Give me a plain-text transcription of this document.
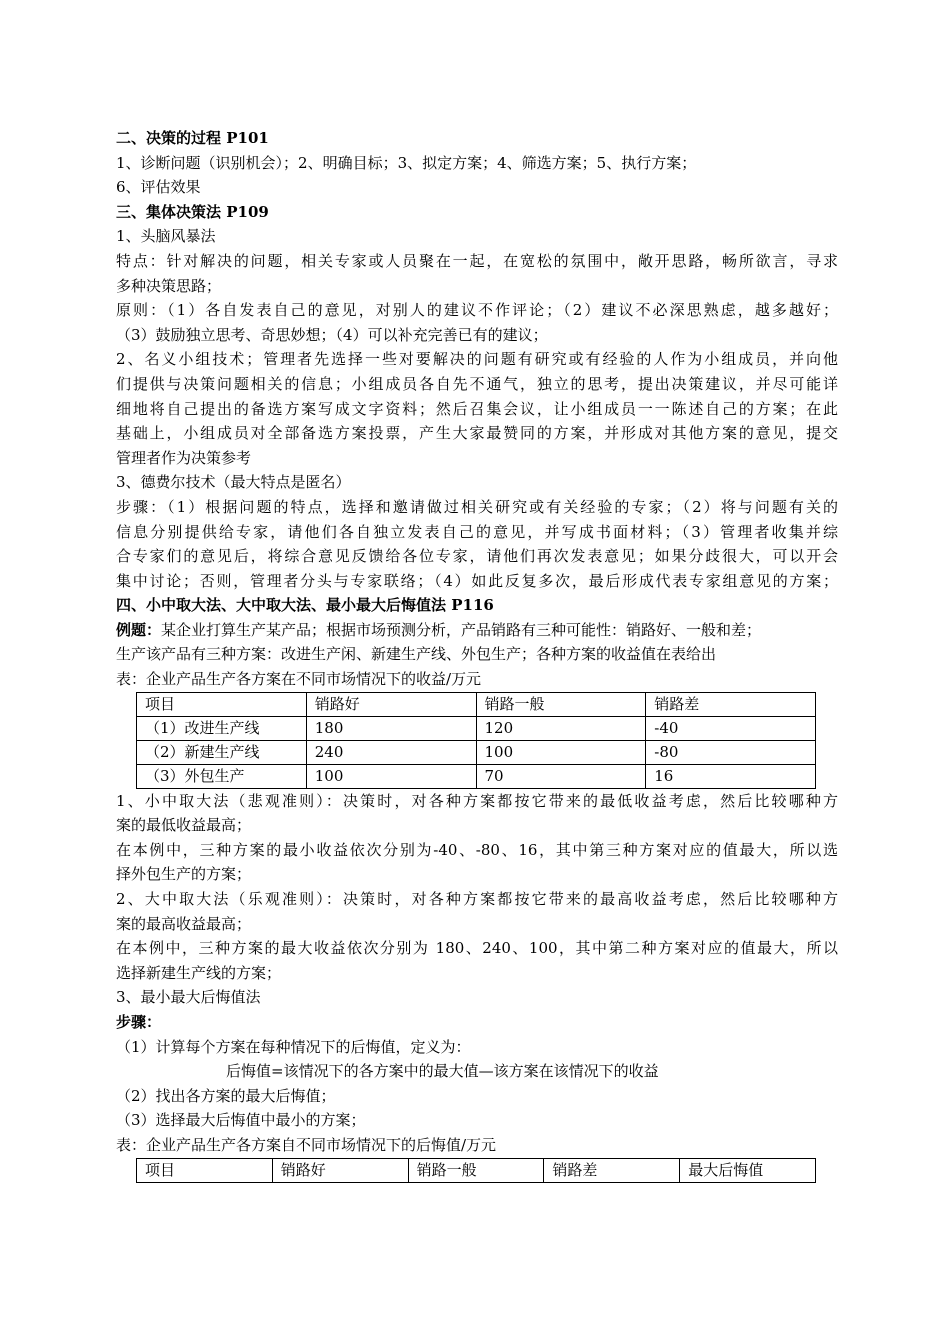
二、决策的过程 P101
1、诊断问题（识别机会）；2、明确目标；3、拟定方案；4、筛选方案；5、执行方案；
6、评估效果
三、集体决策法 P109
1、头脑风暴法
特点：针对解决的问题，相关专家或人员聚在一起，在宽松的氛围中，敞开思路，畅所欲言，寻求
多种决策思路；
原则：（1）各自发表自己的意见，对别人的建议不作评论；（2）建议不必深思熟虑，越多越好；
（3）鼓励独立思考、奇思妙想；（4）可以补充完善已有的建议；
2、名义小组技术；管理者先选择一些对要解决的问题有研究或有经验的人作为小组成员，并向他
们提供与决策问题相关的信息；小组成员各自先不通气，独立的思考，提出决策建议，并尽可能详
细地将自己提出的备选方案写成文字资料；然后召集会议，让小组成员一一陈述自己的方案；在此
基础上，小组成员对全部备选方案投票，产生大家最赞同的方案，并形成对其他方案的意见，提交
管理者作为决策参考
3、德费尔技术（最大特点是匿名）
步骤：（1）根据问题的特点，选择和邀请做过相关研究或有关经验的专家；（2）将与问题有关的
信息分别提供给专家，请他们各自独立发表自己的意见，并写成书面材料；（3）管理者收集并综
合专家们的意见后，将综合意见反馈给各位专家，请他们再次发表意见；如果分歧很大，可以开会
集中讨论；否则，管理者分头与专家联络；（4）如此反复多次，最后形成代表专家组意见的方案；
四、小中取大法、大中取大法、最小最大后悔值法 P116
例题：某企业打算生产某产品；根据市场预测分析，产品销路有三种可能性：销路好、一般和差；
生产该产品有三种方案：改进生产闲、新建生产线、外包生产；各种方案的收益值在表给出
表：企业产品生产各方案在不同市场情况下的收益/万元
项目	销路好	销路一般	销路差
（1）改进生产线	180	120	-40
（2）新建生产线	240	100	-80
（3）外包生产	100	70	16
1、小中取大法（悲观准则）：决策时，对各种方案都按它带来的最低收益考虑，然后比较哪种方
案的最低收益最高；
在本例中，三种方案的最小收益依次分别为-40、-80、16，其中第三种方案对应的值最大，所以选
择外包生产的方案；
2、大中取大法（乐观准则）：决策时，对各种方案都按它带来的最高收益考虑，然后比较哪种方
案的最高收益最高；
在本例中，三种方案的最大收益依次分别为 180、240、100，其中第二种方案对应的值最大，所以
选择新建生产线的方案；
3、最小最大后悔值法
步骤：
（1）计算每个方案在每种情况下的后悔值，定义为：
后悔值=该情况下的各方案中的最大值—该方案在该情况下的收益
（2）找出各方案的最大后悔值；
（3）选择最大后悔值中最小的方案；
表：企业产品生产各方案自不同市场情况下的后悔值/万元
项目	销路好	销路一般	销路差	最大后悔值
